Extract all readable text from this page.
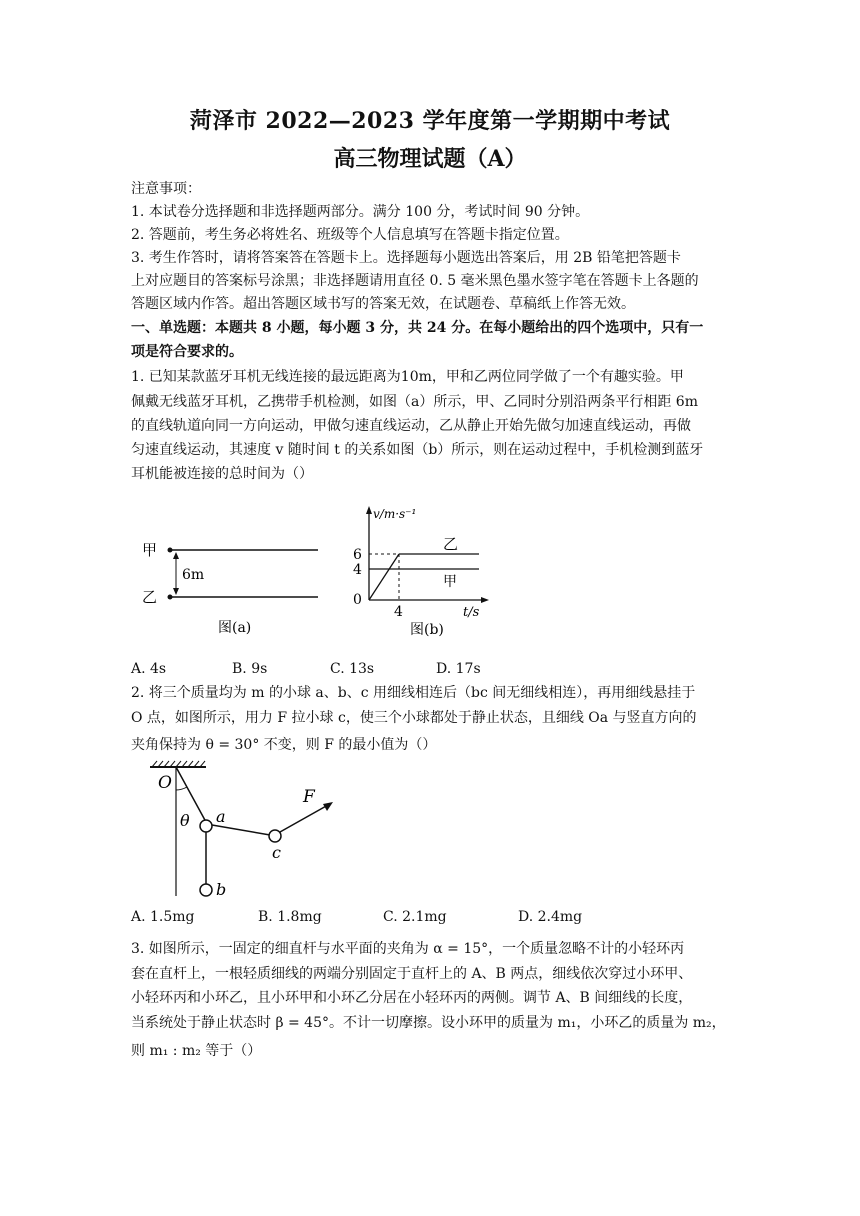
菏泽市 2022—2023 学年度第一学期期中考试
高三物理试题（A）
注意事项：
1. 本试卷分选择题和非选择题两部分。满分 100 分，考试时间 90 分钟。
2. 答题前，考生务必将姓名、班级等个人信息填写在答题卡指定位置。
3. 考生作答时，请将答案答在答题卡上。选择题每小题选出答案后，用 2B 铅笔把答题卡
上对应题目的答案标号涂黑；非选择题请用直径 0. 5 毫米黑色墨水签字笔在答题卡上各题的
答题区域内作答。超出答题区域书写的答案无效，在试题卷、草稿纸上作答无效。
一、单选题：本题共 8 小题，每小题 3 分，共 24 分。在每小题给出的四个选项中，只有一
项是符合要求的。
1. 已知某款蓝牙耳机无线连接的最远距离为10m，甲和乙两位同学做了一个有趣实验。甲
佩戴无线蓝牙耳机，乙携带手机检测，如图（a）所示，甲、乙同时分别沿两条平行相距 6m
的直线轨道向同一方向运动，甲做匀速直线运动，乙从静止开始先做匀加速直线运动，再做
匀速直线运动，其速度 v 随时间 t 的关系如图（b）所示，则在运动过程中，手机检测到蓝牙
耳机能被连接的总时间为（）
甲
乙
6m
图(a)
v/m·s⁻¹
6
4
0
4	t/s
乙
甲
图(b)
A. 4s	B. 9s	C. 13s	D. 17s
2. 将三个质量均为 m 的小球 a、b、c 用细线相连后（bc 间无细线相连），再用细线悬挂于
O 点，如图所示，用力 F 拉小球 c，使三个小球都处于静止状态，且细线 Oa 与竖直方向的
夹角保持为 θ = 30° 不变，则 F 的最小值为（）
O
θ a
b
c
F
A. 1.5mg	B. 1.8mg	C. 2.1mg	D. 2.4mg
3. 如图所示，一固定的细直杆与水平面的夹角为 α = 15°，一个质量忽略不计的小轻环丙
套在直杆上，一根轻质细线的两端分别固定于直杆上的 A、B 两点，细线依次穿过小环甲、
小轻环丙和小环乙，且小环甲和小环乙分居在小轻环丙的两侧。调节 A、B 间细线的长度，
当系统处于静止状态时 β = 45°。不计一切摩擦。设小环甲的质量为 m₁，小环乙的质量为 m₂，
则 m₁ : m₂ 等于（）
